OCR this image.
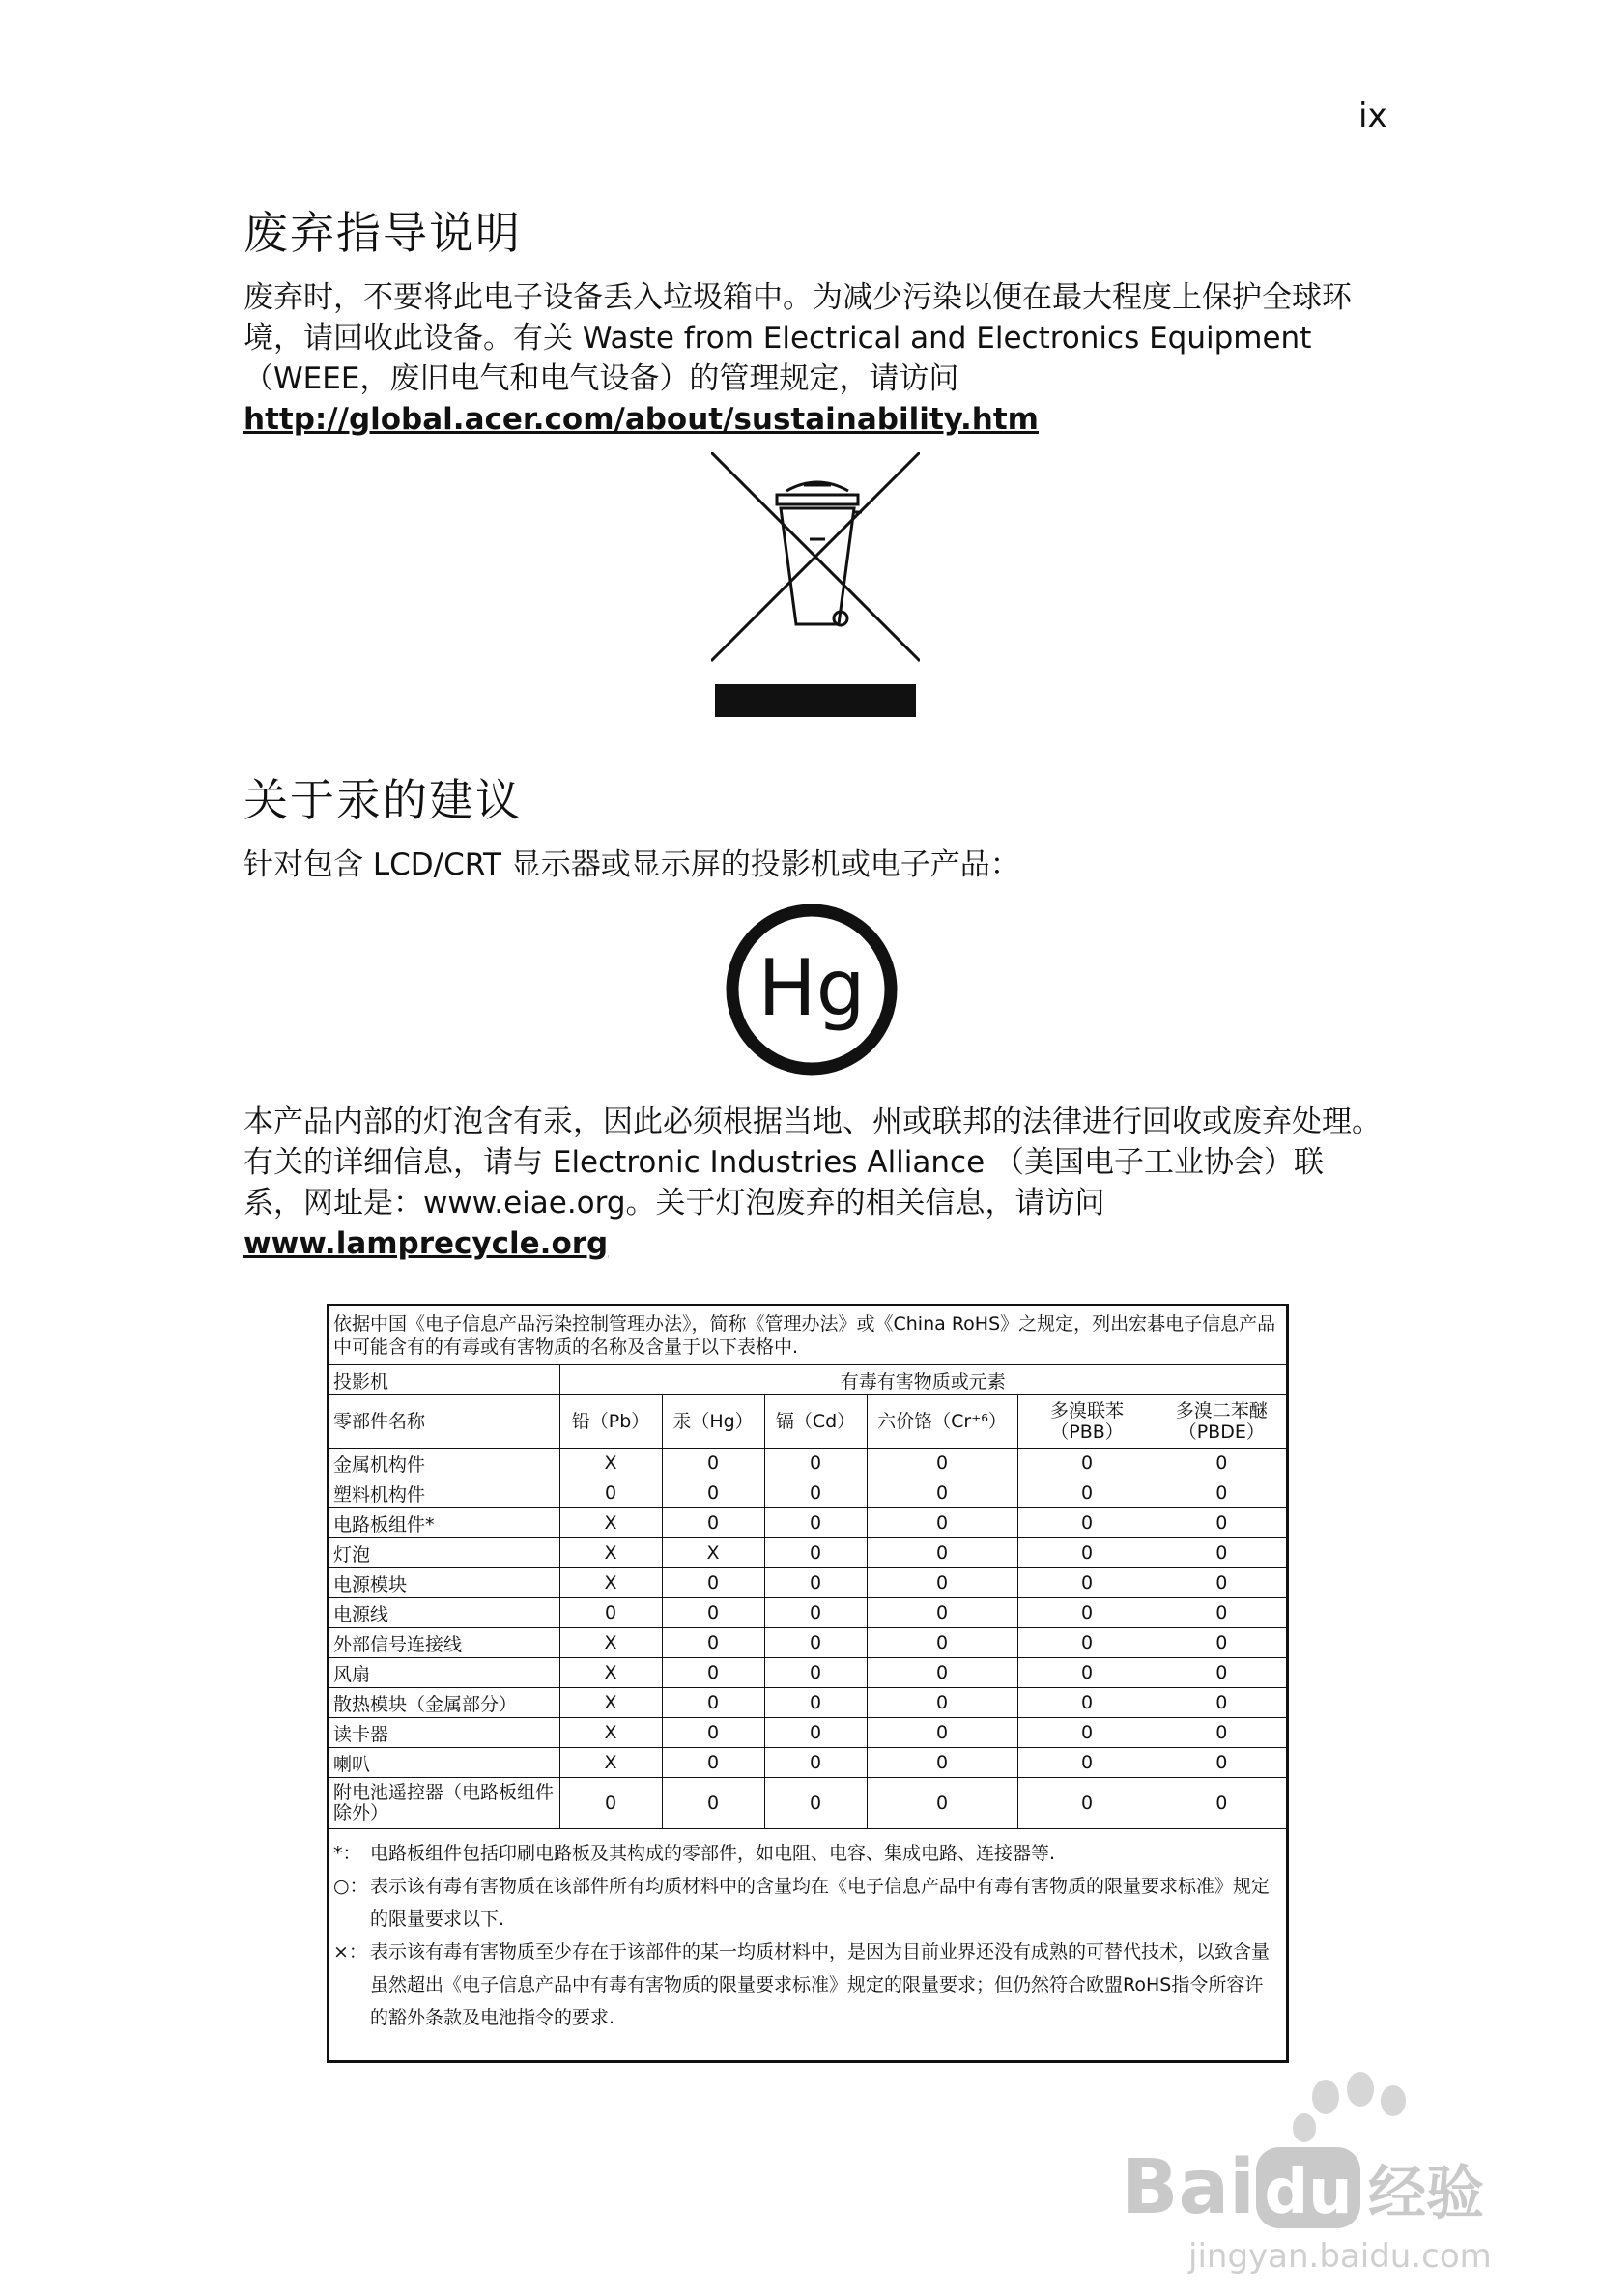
ix
废弃指导说明

废弃时，不要将此电子设备丢入垃圾箱中。为减少污染以便在最大程度上保护全球环境，请回收此设备。有关 Waste from Electrical and Electronics Equipment （WEEE，废旧电气和电气设备）的管理规定，请访问 http://global.acer.com/about/sustainability.htm

关于汞的建议

针对包含 LCD/CRT 显示器或显示屏的投影机或电子产品：

Hg

本产品内部的灯泡含有汞，因此必须根据当地、州或联邦的法律进行回收或废弃处理。有关的详细信息，请与 Electronic Industries Alliance （美国电子工业协会）联系，网址是：www.eiae.org。关于灯泡废弃的相关信息，请访问 www.lamprecycle.org

依据中国《电子信息产品污染控制管理办法》，简称《管理办法》或《China RoHS》之规定，列出宏碁电子信息产品中可能含有的有毒或有害物质的名称及含量于以下表格中.						
投影机	有毒有害物质或元素					
零部件名称	铅（Pb）	汞（Hg）	镉（Cd）	六价铬（Cr⁺⁶）	多溴联苯（PBB）	多溴二苯醚（PBDE）
金属机构件	X	0	0	0	0	0
塑料机构件	0	0	0	0	0	0
电路板组件*	X	0	0	0	0	0
灯泡	X	X	0	0	0	0
电源模块	X	0	0	0	0	0
电源线	0	0	0	0	0	0
外部信号连接线	X	0	0	0	0	0
风扇	X	0	0	0	0	0
散热模块（金属部分）	X	0	0	0	0	0
读卡器	X	0	0	0	0	0
喇叭	X	0	0	0	0	0
附电池遥控器（电路板组件除外）	0	0	0	0	0	0
*： 电路板组件包括印刷电路板及其构成的零部件，如电阻、电容、集成电路、连接器等.
○： 表示该有毒有害物质在该部件所有均质材料中的含量均在《电子信息产品中有毒有害物质的限量要求标准》规定的限量要求以下.
×： 表示该有毒有害物质至少存在于该部件的某一均质材料中，是因为目前业界还没有成熟的可替代技术，以致含量虽然超出《电子信息产品中有毒有害物质的限量要求标准》规定的限量要求；但仍然符合欧盟RoHS指令所容许的豁外条款及电池指令的要求.
Bai du 经验
jingyan.baidu.com
